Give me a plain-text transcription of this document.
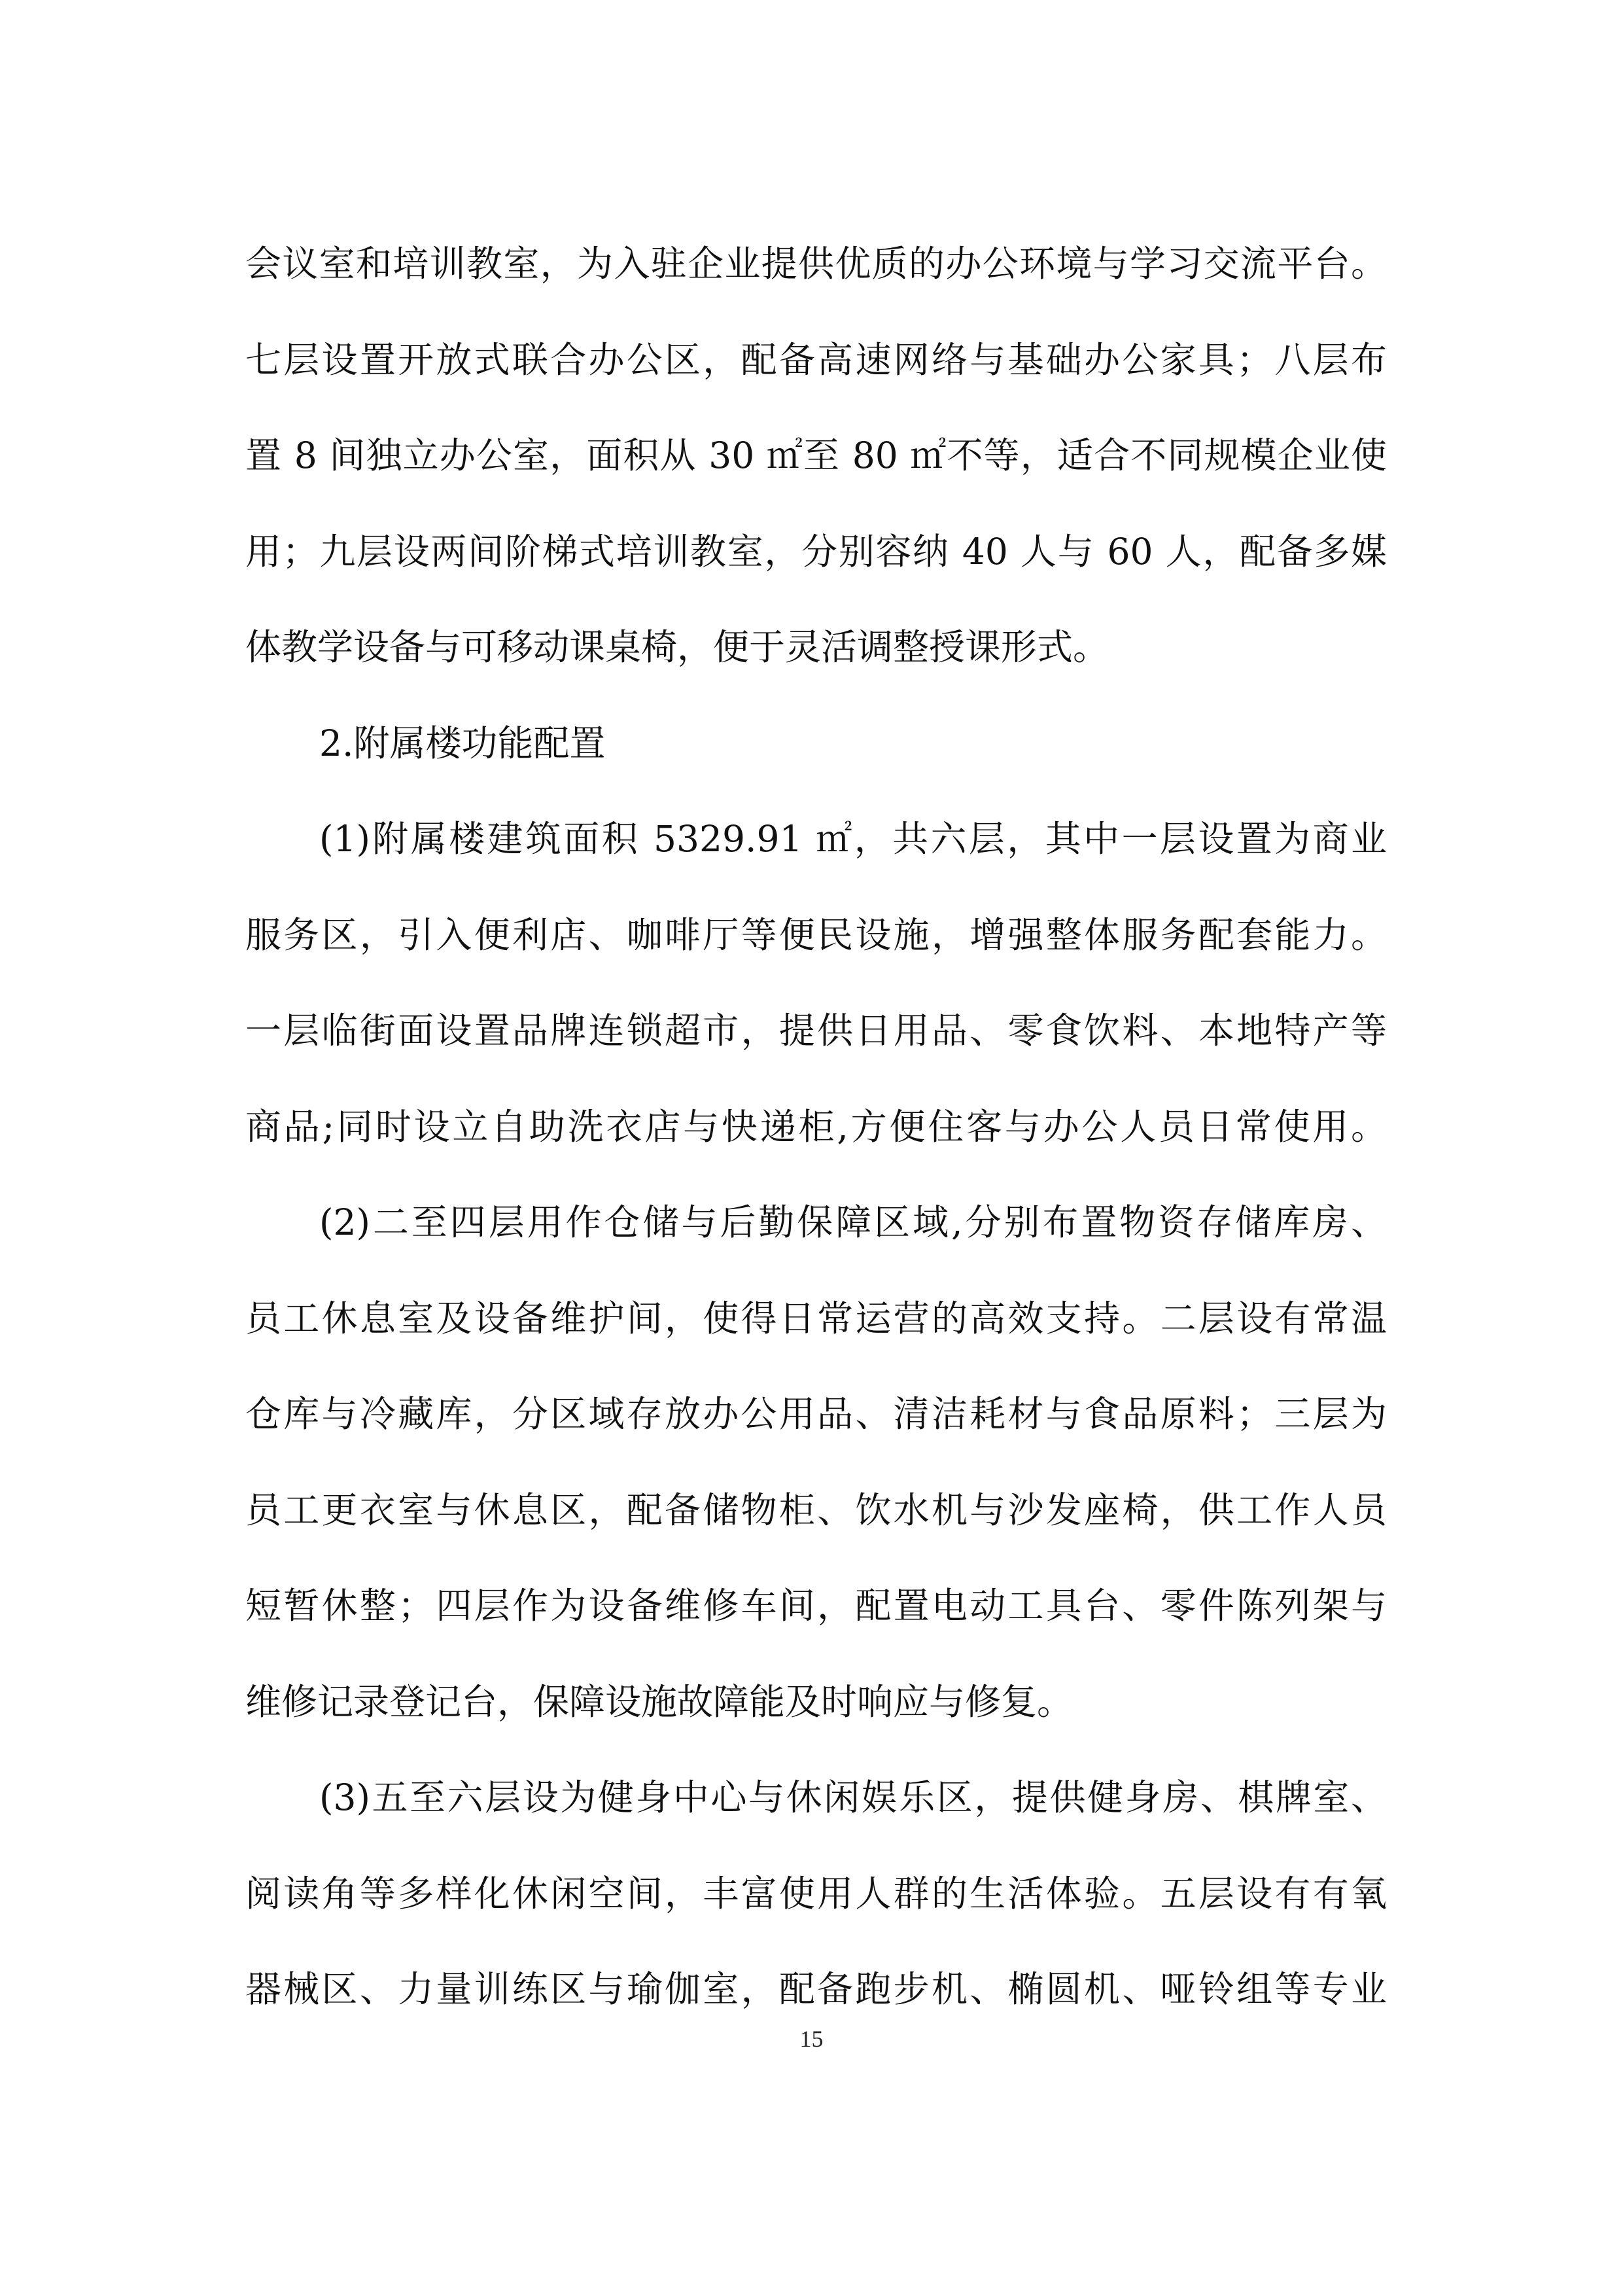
会议室和培训教室，为入驻企业提供优质的办公环境与学习交流平台。
七层设置开放式联合办公区，配备高速网络与基础办公家具；八层布
置 8 间独立办公室，面积从 30 ㎡至 80 ㎡不等，适合不同规模企业使
用；九层设两间阶梯式培训教室，分别容纳 40 人与 60 人，配备多媒
体教学设备与可移动课桌椅，便于灵活调整授课形式。
2.附属楼功能配置
(1)附属楼建筑面积 5329.91 ㎡，共六层，其中一层设置为商业
服务区，引入便利店、咖啡厅等便民设施，增强整体服务配套能力。
一层临街面设置品牌连锁超市，提供日用品、零食饮料、本地特产等
商品;同时设立自助洗衣店与快递柜,方便住客与办公人员日常使用。
(2)二至四层用作仓储与后勤保障区域,分别布置物资存储库房、
员工休息室及设备维护间，使得日常运营的高效支持。二层设有常温
仓库与冷藏库，分区域存放办公用品、清洁耗材与食品原料；三层为
员工更衣室与休息区，配备储物柜、饮水机与沙发座椅，供工作人员
短暂休整；四层作为设备维修车间，配置电动工具台、零件陈列架与
维修记录登记台，保障设施故障能及时响应与修复。
(3)五至六层设为健身中心与休闲娱乐区，提供健身房、棋牌室、
阅读角等多样化休闲空间，丰富使用人群的生活体验。五层设有有氧
器械区、力量训练区与瑜伽室，配备跑步机、椭圆机、哑铃组等专业
15
